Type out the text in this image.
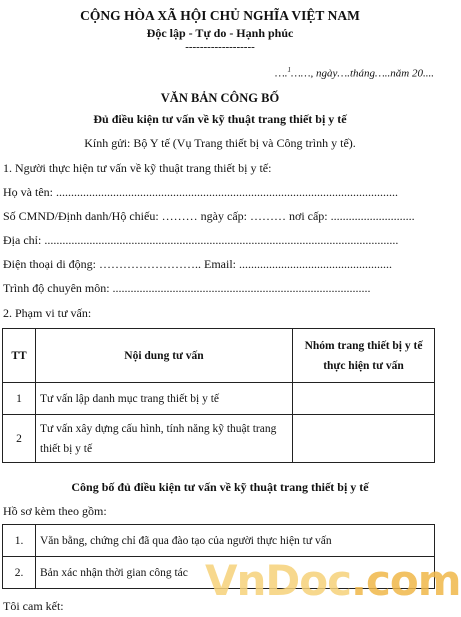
CỘNG HÒA XÃ HỘI CHỦ NGHĨA VIỆT NAM
Độc lập - Tự do - Hạnh phúc
-------------------
….$^1$……, ngày….tháng…..năm 20....
VĂN BẢN CÔNG BỐ
Đủ điều kiện tư vấn về kỹ thuật trang thiết bị y tế
Kính gửi: Bộ Y tế (Vụ Trang thiết bị và Công trình y tế).
1. Người thực hiện tư vấn về kỹ thuật trang thiết bị y tế:
Họ và tên: ..................................................................................................................
Số CMND/Định danh/Hộ chiếu: ……… ngày cấp: ……… nơi cấp: ............................
Địa chỉ: ......................................................................................................................
Điện thoại di động: …………………….. Email: ...................................................
Trình độ chuyên môn: ......................................................................................
2. Phạm vi tư vấn:
TT	Nội dung tư vấn	Nhóm trang thiết bị y tế thực hiện tư vấn
1	Tư vấn lập danh mục trang thiết bị y tế	
2	Tư vấn xây dựng cấu hình, tính năng kỹ thuật trang thiết bị y tế	
Công bố đủ điều kiện tư vấn về kỹ thuật trang thiết bị y tế
Hồ sơ kèm theo gồm:
1.	Văn bằng, chứng chỉ đã qua đào tạo của người thực hiện tư vấn
2.	Bản xác nhận thời gian công tác
Tôi cam kết:
VnDoc.com
